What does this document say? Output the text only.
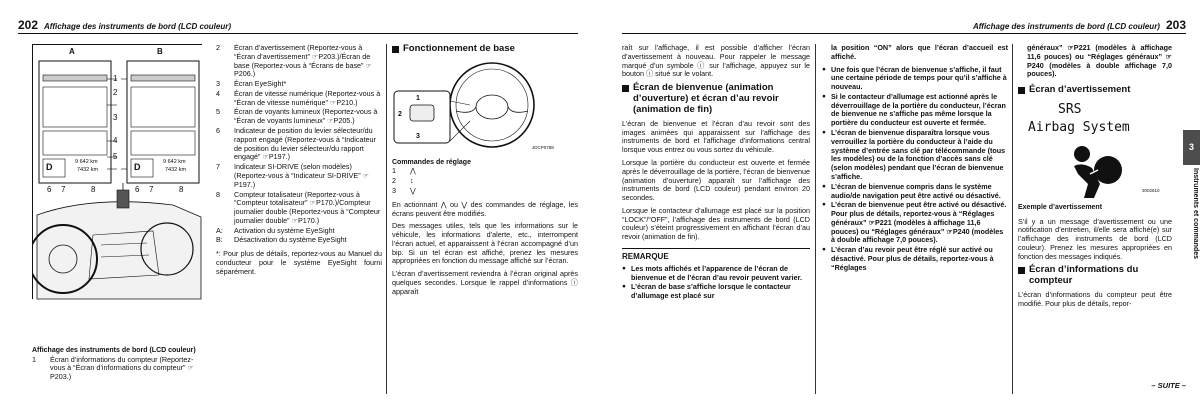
202 Affichage des instruments de bord (LCD couleur)
A	B
1
2
3
4
5
6 7	8
D	9 642 km
7432 km	D	9 642 km
7432 km
6 7	8
Affichage des instruments de bord (LCD couleur)
1	Écran d’informations du compteur (Reportez-vous à “Écran d’informations du compteur” ☞P203.)
2	Écran d’avertissement (Reportez-vous à “Écran d’avertissement” ☞P203.)/Écran de base (Reportez-vous à “Écrans de base” ☞P206.)
3	Écran EyeSight*
4	Écran de vitesse numérique (Reportez-vous à “Écran de vitesse numérique” ☞P210.)
5	Écran de voyants lumineux (Reportez-vous à “Écran de voyants lumineux” ☞P205.)
6	Indicateur de position du levier sélecteur/du rapport engagé (Reportez-vous à “Indicateur de position du levier sélecteur/du rapport engagé” ☞P197.)
7	Indicateur SI-DRIVE (selon modèles) (Reportez-vous à “Indicateur SI-DRIVE” ☞P197.)
8	Compteur totalisateur (Reportez-vous à “Compteur totalisateur” ☞P170.)/Compteur journalier double (Reportez-vous à “Compteur journalier double” ☞P170.)
A:	Activation du système EyeSight
B:	Désactivation du système EyeSight
*: Pour plus de détails, reportez-vous au Manuel du conducteur pour le système EyeSight fourni séparément.
Fonctionnement de base
1
2
3
JDCP0788
Commandes de réglage
1	⋀
2	↕
3	⋁
En actionnant ⋀ ou ⋁ des commandes de réglage, les écrans peuvent être modifiés.
Des messages utiles, tels que les informations sur le véhicule, les informations d’alerte, etc., interrompent l’écran actuel, et apparaissent à l’écran accompagné d’un bip. Si un tel écran est affiché, prenez les mesures appropriées en fonction du message affiché sur l’écran.
L’écran d’avertissement reviendra à l’écran original après quelques secondes. Lorsque le rappel d’informations ⓘ apparaît
Affichage des instruments de bord (LCD couleur) 203
raît sur l’affichage, il est possible d’afficher l’écran d’avertissement à nouveau. Pour rappeler le message marqué d’un symbole ⓘ sur l’affichage, appuyez sur le bouton ⓘ situé sur le volant.
Écran de bienvenue (animation d’ouverture) et écran d’au revoir (animation de fin)
L’écran de bienvenue et l’écran d’au revoir sont des images animées qui apparaissent sur l’affichage des instruments de bord et l’affichage d’informations central lorsque vous entrez ou vous sortez du véhicule.
Lorsque la portière du conducteur est ouverte et fermée après le déverrouillage de la portière, l’écran de bienvenue (animation d’ouverture) apparaît sur l’affichage des instruments de bord (LCD couleur) pendant environ 20 secondes.
Lorsque le contacteur d’allumage est placé sur la position “LOCK”/“OFF”, l’affichage des instruments de bord (LCD couleur) s’éteint progressivement en affichant l’écran d’au revoir (animation de fin).
REMARQUE
● Les mots affichés et l’apparence de l’écran de bienvenue et de l’écran d’au revoir peuvent varier.
● L’écran de base s’affiche lorsque le contacteur d’allumage est placé sur
la position “ON” alors que l’écran d’accueil est affiché.
● Une fois que l’écran de bienvenue s’affiche, il faut une certaine période de temps pour qu’il s’affiche à nouveau.
● Si le contacteur d’allumage est actionné après le déverrouillage de la portière du conducteur, l’écran de bienvenue ne s’affiche pas même lorsque la portière du conducteur est ouverte et fermée.
● L’écran de bienvenue disparaîtra lorsque vous verrouillez la portière du conducteur à l’aide du système d’entrée sans clé par télécommande (tous les modèles) ou de la fonction d’accès sans clé (selon modèles) pendant que l’écran de bienvenue s’affiche.
● L’écran de bienvenue compris dans le système audio/de navigation peut être activé ou désactivé.
● L’écran de bienvenue peut être activé ou désactivé. Pour plus de détails, reportez-vous à “Réglages généraux” ☞P221 (modèles à affichage 11,6 pouces) ou “Réglages généraux” ☞P240 (modèles à double affichage 7,0 pouces).
● L’écran d’au revoir peut être réglé sur activé ou désactivé. Pour plus de détails, reportez-vous à “Réglages
généraux” ☞P221 (modèles à affichage 11,6 pouces) ou “Réglages généraux” ☞P240 (modèles à double affichage 7,0 pouces).
Écran d’avertissement
SRS
Airbag System
3002610
Exemple d’avertissement
S’il y a un message d’avertissement ou une notification d’entretien, il/elle sera affiché(e) sur l’affichage des instruments de bord (LCD couleur). Prenez les mesures appropriées en fonction des messages indiqués.
Écran d’informations du compteur
L’écran d’informations du compteur peut être modifié. Pour plus de détails, repor-
3
Instruments et commandes
– SUITE –
